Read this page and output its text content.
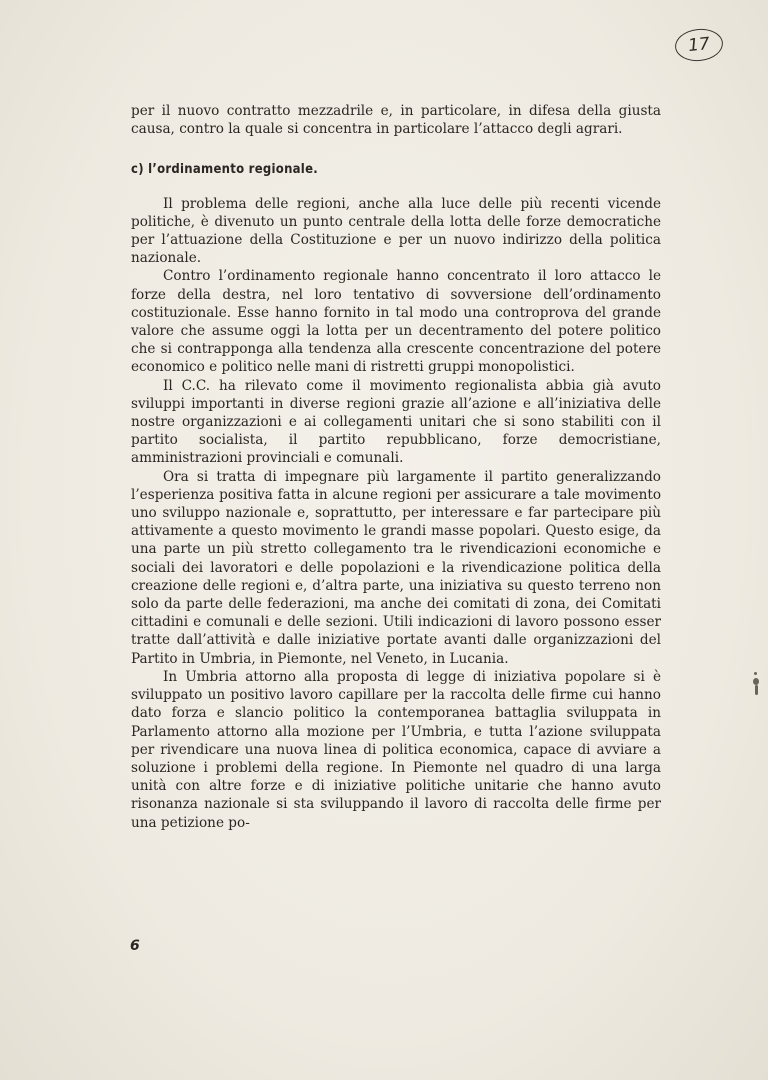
17

per il nuovo contratto mezzadrile e, in particolare, in difesa della giusta causa, contro la quale si concentra in particolare l’attacco degli agrari.

c) l’ordinamento regionale.

Il problema delle regioni, anche alla luce delle più recenti vicende politiche, è divenuto un punto centrale della lotta delle forze democratiche per l’attuazione della Costituzione e per un nuovo indirizzo della politica nazionale.

Contro l’ordinamento regionale hanno concentrato il loro attacco le forze della destra, nel loro tentativo di sovversione dell’ordinamento costituzionale. Esse hanno fornito in tal modo una controprova del grande valore che assume oggi la lotta per un decentramento del potere politico che si contrapponga alla tendenza alla crescente concentrazione del potere economico e politico nelle mani di ristretti gruppi monopolistici.

Il C.C. ha rilevato come il movimento regionalista abbia già avuto sviluppi importanti in diverse regioni grazie all’azione e all’iniziativa delle nostre organizzazioni e ai collegamenti unitari che si sono stabiliti con il partito socialista, il partito repubblicano, forze democristiane, amministrazioni provinciali e comunali.

Ora si tratta di impegnare più largamente il partito generalizzando l’esperienza positiva fatta in alcune regioni per assicurare a tale movimento uno sviluppo nazionale e, soprattutto, per interessare e far partecipare più attivamente a questo movimento le grandi masse popolari. Questo esige, da una parte un più stretto collegamento tra le rivendicazioni economiche e sociali dei lavoratori e delle popolazioni e la rivendicazione politica della creazione delle regioni e, d’altra parte, una iniziativa su questo terreno non solo da parte delle federazioni, ma anche dei comitati di zona, dei Comitati cittadini e comunali e delle sezioni. Utili indicazioni di lavoro possono esser tratte dall’attività e dalle iniziative portate avanti dalle organizzazioni del Partito in Umbria, in Piemonte, nel Veneto, in Lucania.

In Umbria attorno alla proposta di legge di iniziativa popolare si è sviluppato un positivo lavoro capillare per la raccolta delle firme cui hanno dato forza e slancio politico la contemporanea battaglia sviluppata in Parlamento attorno alla mozione per l’Umbria, e tutta l’azione sviluppata per rivendicare una nuova linea di politica economica, capace di avviare a soluzione i problemi della regione. In Piemonte nel quadro di una larga unità con altre forze e di iniziative politiche unitarie che hanno avuto risonanza nazionale si sta sviluppando il lavoro di raccolta delle firme per una petizione po-

6
